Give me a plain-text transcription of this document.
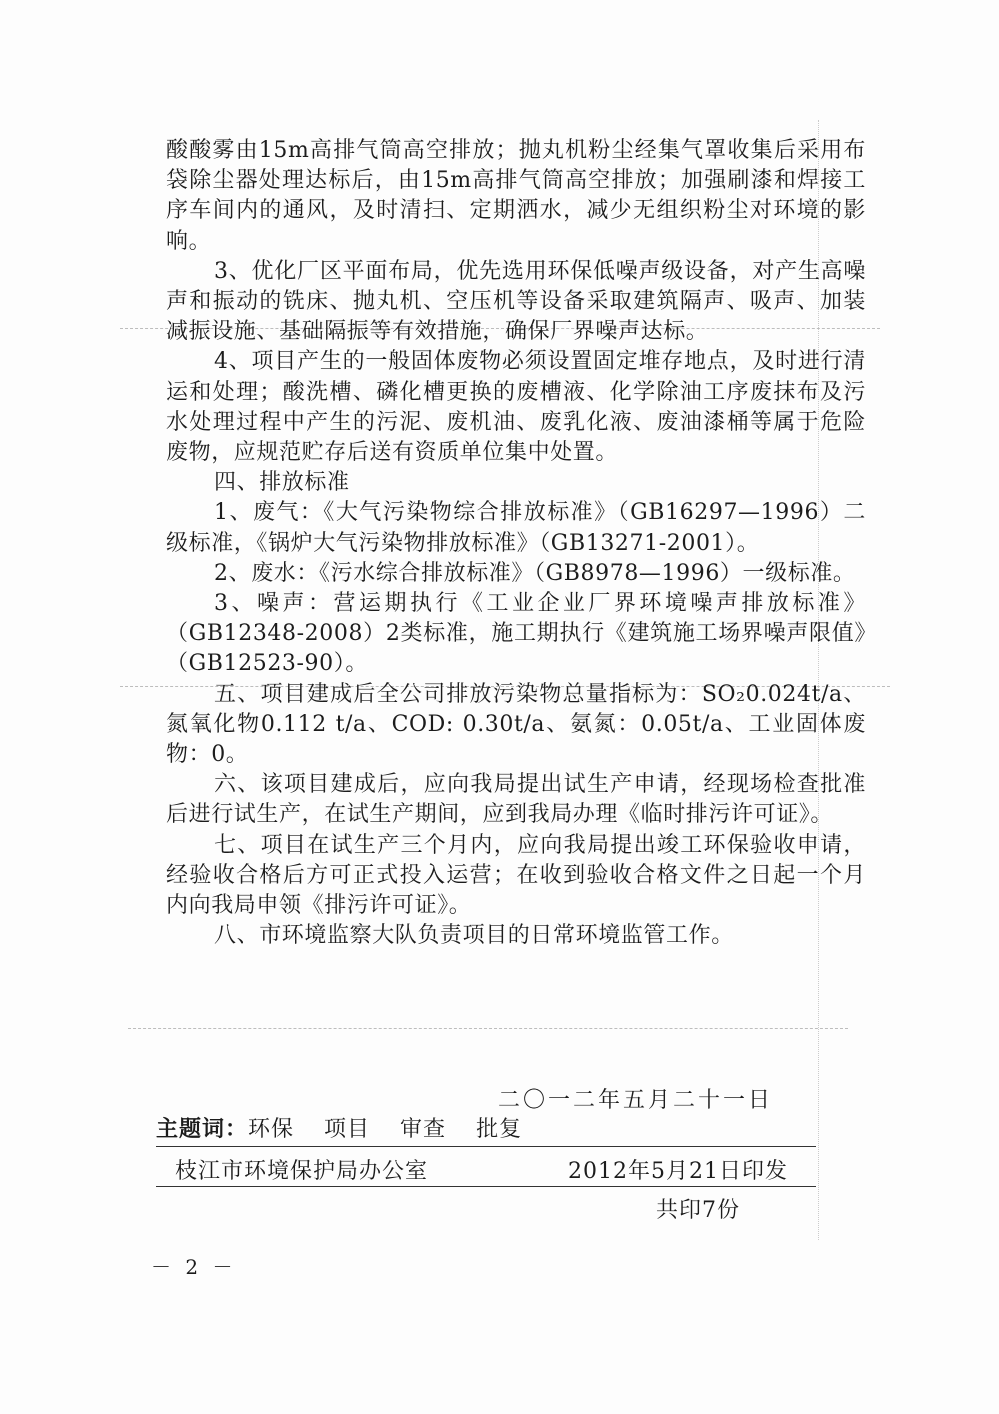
酸酸雾由15m高排气筒高空排放；抛丸机粉尘经集气罩收集后采用布袋除尘器处理达标后，由15m高排气筒高空排放；加强刷漆和焊接工序车间内的通风，及时清扫、定期洒水，减少无组织粉尘对环境的影响。

3、优化厂区平面布局，优先选用环保低噪声级设备，对产生高噪声和振动的铣床、抛丸机、空压机等设备采取建筑隔声、吸声、加装减振设施、基础隔振等有效措施，确保厂界噪声达标。

4、项目产生的一般固体废物必须设置固定堆存地点，及时进行清运和处理；酸洗槽、磷化槽更换的废槽液、化学除油工序废抹布及污水处理过程中产生的污泥、废机油、废乳化液、废油漆桶等属于危险废物，应规范贮存后送有资质单位集中处置。

四、排放标准

1、废气：《大气污染物综合排放标准》（GB16297—1996）二级标准，《锅炉大气污染物排放标准》（GB13271-2001）。

2、废水：《污水综合排放标准》（GB8978—1996）一级标准。

3、噪声：营运期执行《工业企业厂界环境噪声排放标准》（GB12348-2008）2类标准，施工期执行《建筑施工场界噪声限值》（GB12523-90）。

五、项目建成后全公司排放污染物总量指标为：SO₂0.024t/a、氮氧化物0.112 t/a、COD: 0.30t/a、氨氮：0.05t/a、工业固体废物：0。

六、该项目建成后，应向我局提出试生产申请，经现场检查批准后进行试生产，在试生产期间，应到我局办理《临时排污许可证》。

七、项目在试生产三个月内，应向我局提出竣工环保验收申请，经验收合格后方可正式投入运营；在收到验收合格文件之日起一个月内向我局申领《排污许可证》。

八、市环境监察大队负责项目的日常环境监管工作。

二〇一二年五月二十一日
主题词：环保 项目 审查 批复
枝江市环境保护局办公室	2012年5月21日印发
共印7份
－ 2 －
